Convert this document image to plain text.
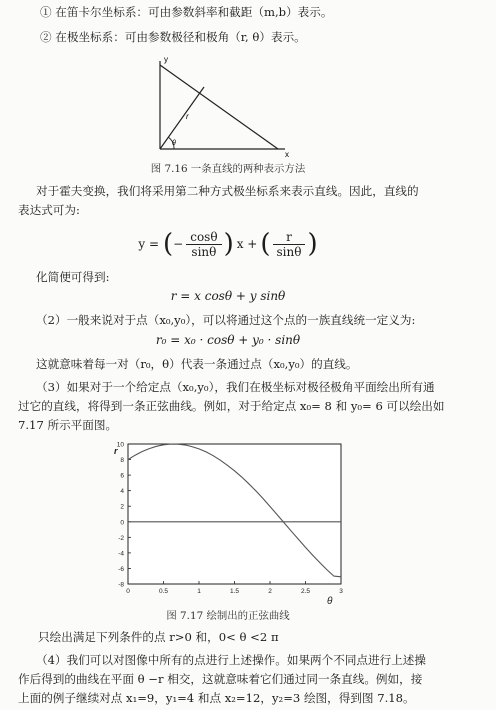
① 在笛卡尔坐标系：可由参数斜率和截距（m,b）表示。
② 在极坐标系：可由参数极径和极角（r, θ）表示。
y
x
r
θ
图 7.16 一条直线的两种表示方法
对于霍夫变换，我们将采用第二种方式极坐标系来表示直线。因此，直线的
表达式可为:
y = ( − $\frac{\cos\theta}{\sin\theta}$ ) x + ( $\frac{r}{\sin\theta}$ )
化简便可得到:
r = x cosθ + y sinθ
（2）一般来说对于点（x₀,y₀），可以将通过这个点的一族直线统一定义为:
r₀ = x₀ · cosθ + y₀ · sinθ
这就意味着每一对（r₀，θ）代表一条通过点（x₀,y₀）的直线。
（3）如果对于一个给定点（x₀,y₀），我们在极坐标对极径极角平面绘出所有通
过它的直线，将得到一条正弦曲线。例如，对于给定点 x₀= 8 和 y₀= 6 可以绘出如
7.17 所示平面图。
-8
-6
-4
-2
0
2
4
6
8
10
0	0.5	1	1.5	2	2.5	3
r
θ
图 7.17 绘制出的正弦曲线
只绘出满足下列条件的点 r>0 和，0< θ <2 π
（4）我们可以对图像中所有的点进行上述操作。如果两个不同点进行上述操
作后得到的曲线在平面 θ −r 相交，这就意味着它们通过同一条直线。例如，接
上面的例子继续对点 x₁=9，y₁=4 和点 x₂=12，y₂=3 绘图，得到图 7.18。
